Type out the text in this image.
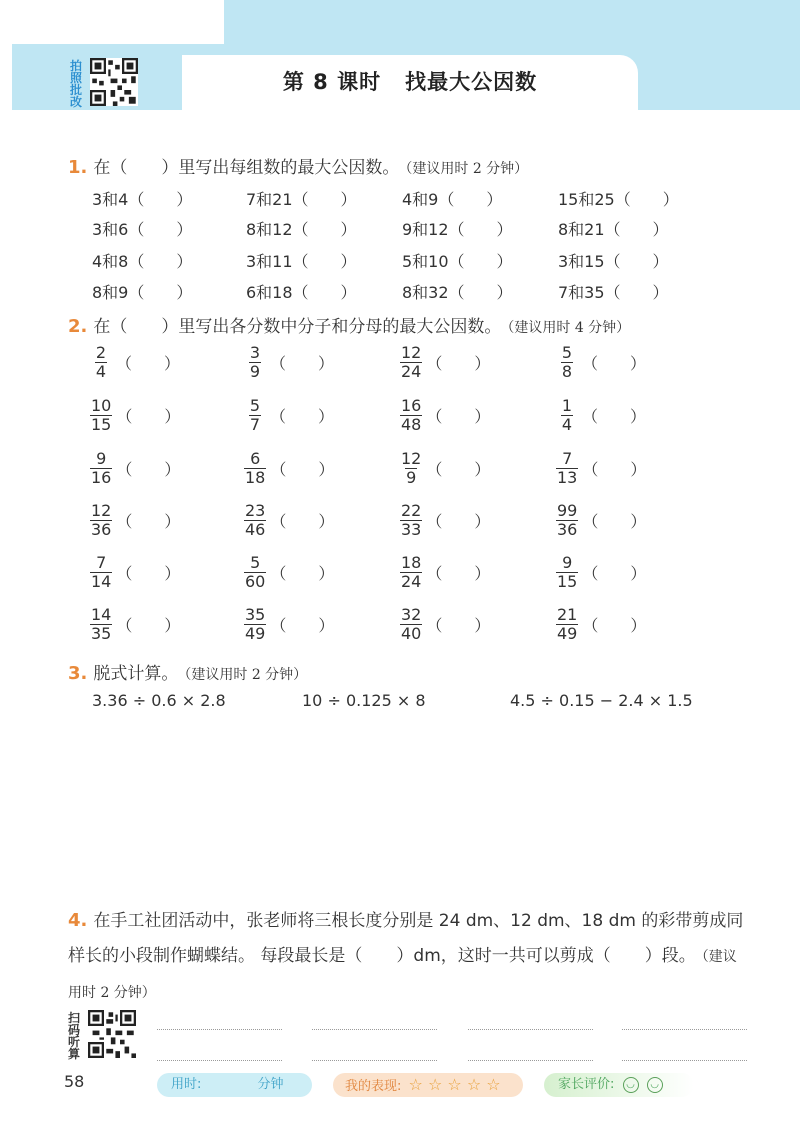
拍
照
批
改
第 8 课时 找最大公因数
1. 在（　　）里写出每组数的最大公因数。 （建议用时 2 分钟）
3和4（　　）	7和21（　　）	4和9（　　）	15和25（　　）
3和6（　　）	8和12（　　）	9和12（　　）	8和21（　　）
4和8（　　）	3和11（　　）	5和10（　　）	3和15（　　）
8和9（　　）	6和18（　　）	8和32（　　）	7和35（　　）
2. 在（　　）里写出各分数中分子和分母的最大公因数。 （建议用时 4 分钟）
$\frac{2}{4}$ （　　）	$\frac{3}{9}$ （　　）	$\frac{12}{24}$ （　　）	$\frac{5}{8}$ （　　）
$\frac{10}{15}$ （　　）	$\frac{5}{7}$ （　　）	$\frac{16}{48}$ （　　）	$\frac{1}{4}$ （　　）
$\frac{9}{16}$ （　　）	$\frac{6}{18}$ （　　）	$\frac{12}{9}$ （　　）	$\frac{7}{13}$ （　　）
$\frac{12}{36}$ （　　）	$\frac{23}{46}$ （　　）	$\frac{22}{33}$ （　　）	$\frac{99}{36}$ （　　）
$\frac{7}{14}$ （　　）	$\frac{5}{60}$ （　　）	$\frac{18}{24}$ （　　）	$\frac{9}{15}$ （　　）
$\frac{14}{35}$ （　　）	$\frac{35}{49}$ （　　）	$\frac{32}{40}$ （　　）	$\frac{21}{49}$ （　　）
3. 脱式计算。 （建议用时 2 分钟）
3.36 ÷ 0.6 × 2.8	10 ÷ 0.125 × 8	4.5 ÷ 0.15 − 2.4 × 1.5
4. 在手工社团活动中，张老师将三根长度分别是 24 dm、12 dm、18 dm 的彩带剪成同样长的小段制作蝴蝶结。 每段最长是（　　）dm，这时一共可以剪成（　　）段。 （建议用时 2 分钟）
扫
码
听
算
58	用时:	分钟	我的表现: ☆ ☆ ☆ ☆ ☆	家长评价: ◡ ◡
